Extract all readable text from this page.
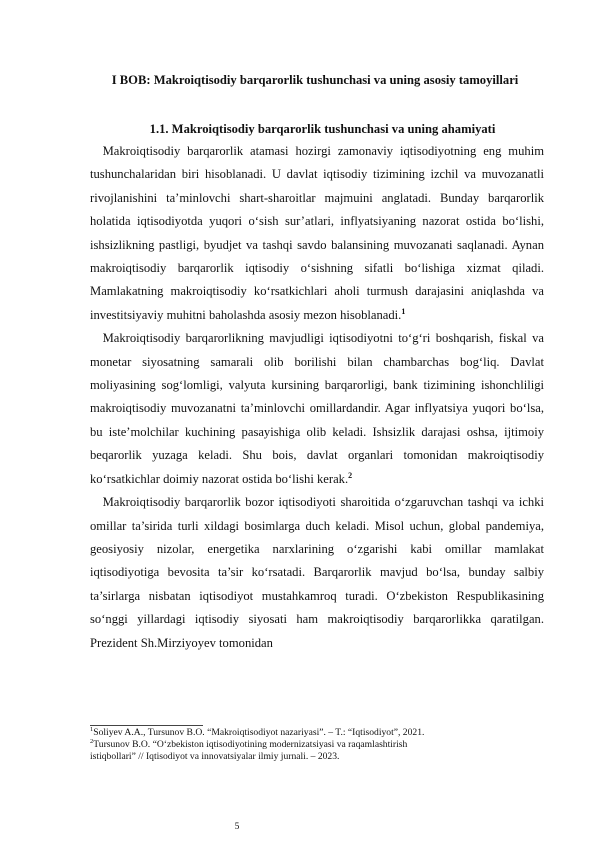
I BOB: Makroiqtisodiy barqarorlik tushunchasi va uning asosiy tamoyillari
1.1. Makroiqtisodiy barqarorlik tushunchasi va uning ahamiyati

 Makroiqtisodiy barqarorlik atamasi hozirgi zamonaviy iqtisodiyotning eng muhim tushunchalaridan biri hisoblanadi. U davlat iqtisodiy tizimining izchil va muvozanatli rivojlanishini ta’minlovchi shart-sharoitlar majmuini anglatadi. Bunday barqarorlik holatida iqtisodiyotda yuqori o‘sish sur’atlari, inflyatsiyaning nazorat ostida bo‘lishi, ishsizlikning pastligi, byudjet va tashqi savdo balansining muvozanati saqlanadi. Aynan makroiqtisodiy barqarorlik iqtisodiy o‘sishning sifatli bo‘lishiga xizmat qiladi. Mamlakatning makroiqtisodiy ko‘rsatkichlari aholi turmush darajasini aniqlashda va investitsiyaviy muhitni baholashda asosiy mezon hisoblanadi.$^1$

 Makroiqtisodiy barqarorlikning mavjudligi iqtisodiyotni to‘g‘ri boshqarish, fiskal va monetar siyosatning samarali olib borilishi bilan chambarchas bog‘liq. Davlat moliyasining sog‘lomligi, valyuta kursining barqarorligi, bank tizimining ishonchliligi makroiqtisodiy muvozanatni ta’minlovchi omillardandir. Agar inflyatsiya yuqori bo‘lsa, bu iste’molchilar kuchining pasayishiga olib keladi. Ishsizlik darajasi oshsa, ijtimoiy beqarorlik yuzaga keladi. Shu bois, davlat organlari tomonidan makroiqtisodiy ko‘rsatkichlar doimiy nazorat ostida bo‘lishi kerak.$^2$

 Makroiqtisodiy barqarorlik bozor iqtisodiyoti sharoitida o‘zgaruvchan tashqi va ichki omillar ta’sirida turli xildagi bosimlarga duch keladi. Misol uchun, global pandemiya, geosiyosiy nizolar, energetika narxlarining o‘zgarishi kabi omillar mamlakat iqtisodiyotiga bevosita ta’sir ko‘rsatadi. Barqarorlik mavjud bo‘lsa, bunday salbiy ta’sirlarga nisbatan iqtisodiyot mustahkamroq turadi. O‘zbekiston Respublikasining so‘nggi yillardagi iqtisodiy siyosati ham makroiqtisodiy barqarorlikka qaratilgan. Prezident Sh.Mirziyoyev tomonidan

$^1$Soliyev A.A., Tursunov B.O. “Makroiqtisodiyot nazariyasi”. – T.: “Iqtisodiyot”, 2021.
$^2$Tursunov B.O. “O‘zbekiston iqtisodiyotining modernizatsiyasi va raqamlashtirish
istiqbollari” // Iqtisodiyot va innovatsiyalar ilmiy jurnali. – 2023.
5
